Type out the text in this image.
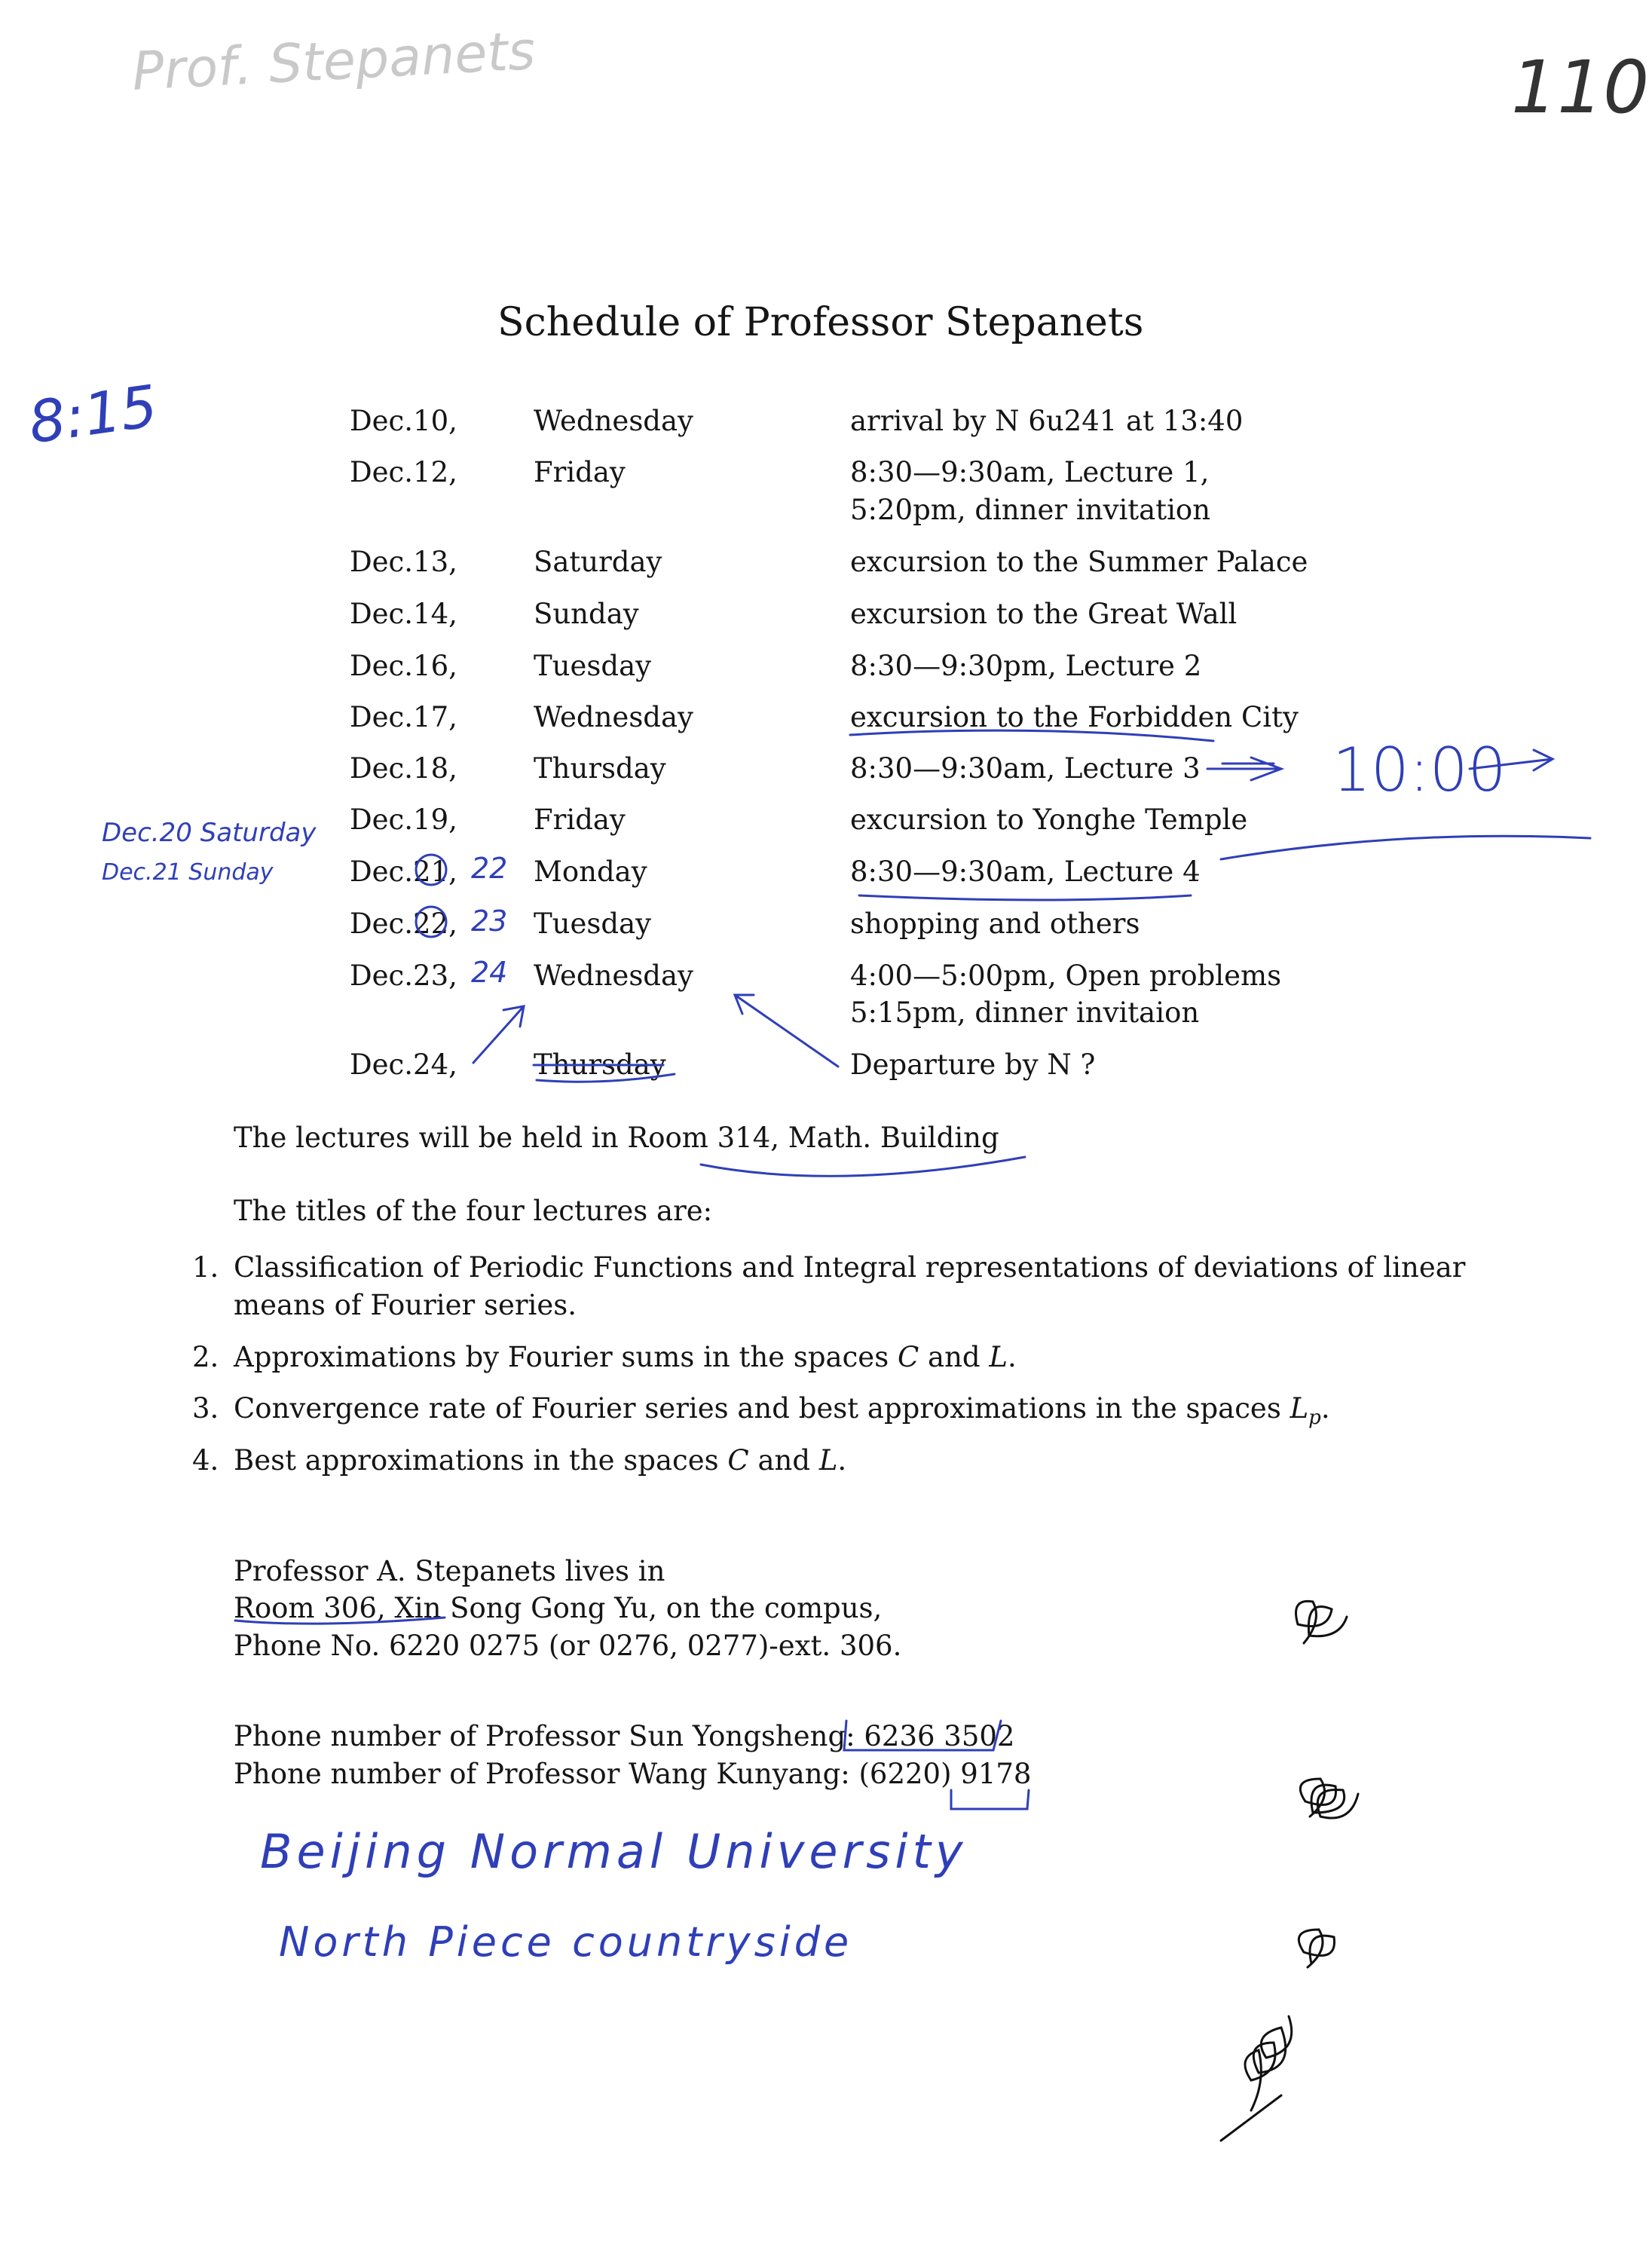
Prof. Stepanets	110
8:15
Dec.20 Saturday
Dec.21 Sunday
Schedule of Professor Stepanets
Dec.10,	Wednesday	arrival by N 6u241 at 13:40
Dec.12,	Friday	8:30—9:30am, Lecture 1,
5:20pm, dinner invitation
Dec.13,	Saturday	excursion to the Summer Palace
Dec.14,	Sunday	excursion to the Great Wall
Dec.16,	Tuesday	8:30—9:30pm, Lecture 2
Dec.17,	Wednesday	excursion to the Forbidden City
Dec.18,	Thursday	8:30—9:30am, Lecture 3
Dec.19,	Friday	excursion to Yonghe Temple
Dec.21,	Monday	8:30—9:30am, Lecture 4
Dec.22,	Tuesday	shopping and others
Dec.23,	Wednesday	4:00—5:00pm, Open problems
5:15pm, dinner invitaion
Dec.24,	Thursday	Departure by N ?
22
23
24
10:00
The lectures will be held in Room 314, Math. Building
The titles of the four lectures are:
1. Classification of Periodic Functions and Integral representations of deviations of linear
means of Fourier series.
2. Approximations by Fourier sums in the spaces C and L.
3. Convergence rate of Fourier series and best approximations in the spaces $L_p$.
4. Best approximations in the spaces C and L.
Professor A. Stepanets lives in
Room 306, Xin Song Gong Yu, on the compus,
Phone No. 6220 0275 (or 0276, 0277)-ext. 306.
Phone number of Professor Sun Yongsheng: 6236 3502
Phone number of Professor Wang Kunyang: (6220) 9178
Beijing Normal University
North Piece countryside
